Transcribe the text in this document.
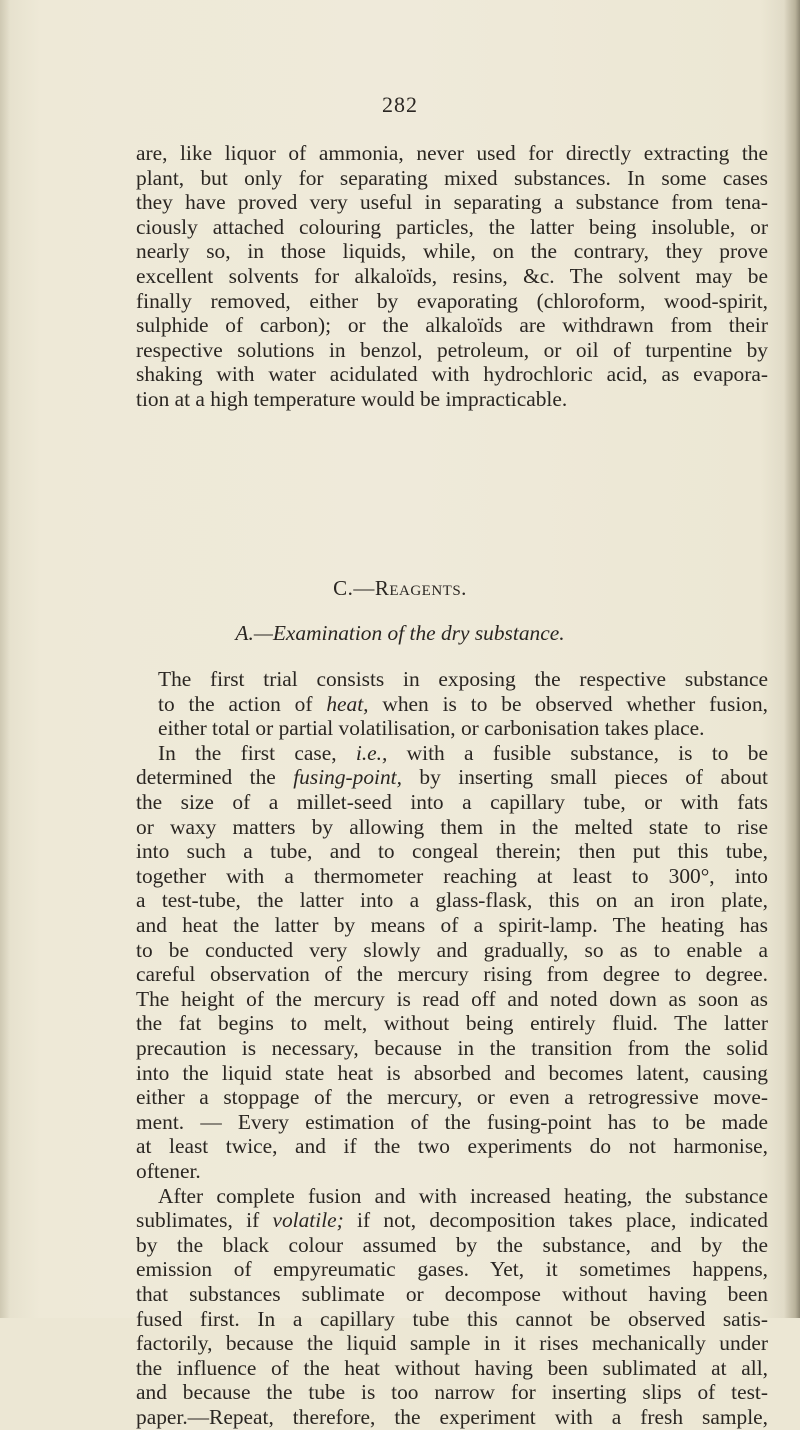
282

are, like liquor of ammonia, never used for directly extracting the
plant, but only for separating mixed substances. In some cases
they have proved very useful in separating a substance from tena-
ciously attached colouring particles, the latter being insoluble, or
nearly so, in those liquids, while, on the contrary, they prove
excellent solvents for alkaloïds, resins, &c. The solvent may be
finally removed, either by evaporating (chloroform, wood-spirit,
sulphide of carbon); or the alkaloïds are withdrawn from their
respective solutions in benzol, petroleum, or oil of turpentine by
shaking with water acidulated with hydrochloric acid, as evapora-
tion at a high temperature would be impracticable.

C.—Reagents.
A.—Examination of the dry substance.

The first trial consists in exposing the respective substance
to the action of heat, when is to be observed whether fusion,
either total or partial volatilisation, or carbonisation takes place.

In the first case, i.e., with a fusible substance, is to be
determined the fusing-point, by inserting small pieces of about
the size of a millet-seed into a capillary tube, or with fats
or waxy matters by allowing them in the melted state to rise
into such a tube, and to congeal therein; then put this tube,
together with a thermometer reaching at least to 300°, into
a test-tube, the latter into a glass-flask, this on an iron plate,
and heat the latter by means of a spirit-lamp. The heating has
to be conducted very slowly and gradually, so as to enable a
careful observation of the mercury rising from degree to degree.
The height of the mercury is read off and noted down as soon as
the fat begins to melt, without being entirely fluid. The latter
precaution is necessary, because in the transition from the solid
into the liquid state heat is absorbed and becomes latent, causing
either a stoppage of the mercury, or even a retrogressive move-
ment. — Every estimation of the fusing-point has to be made
at least twice, and if the two experiments do not harmonise,
oftener.

After complete fusion and with increased heating, the substance
sublimates, if volatile; if not, decomposition takes place, indicated
by the black colour assumed by the substance, and by the
emission of empyreumatic gases. Yet, it sometimes happens,
that substances sublimate or decompose without having been
fused first. In a capillary tube this cannot be observed satis-
factorily, because the liquid sample in it rises mechanically under
the influence of the heat without having been sublimated at all,
and because the tube is too narrow for inserting slips of test-
paper.—Repeat, therefore, the experiment with a fresh sample,
